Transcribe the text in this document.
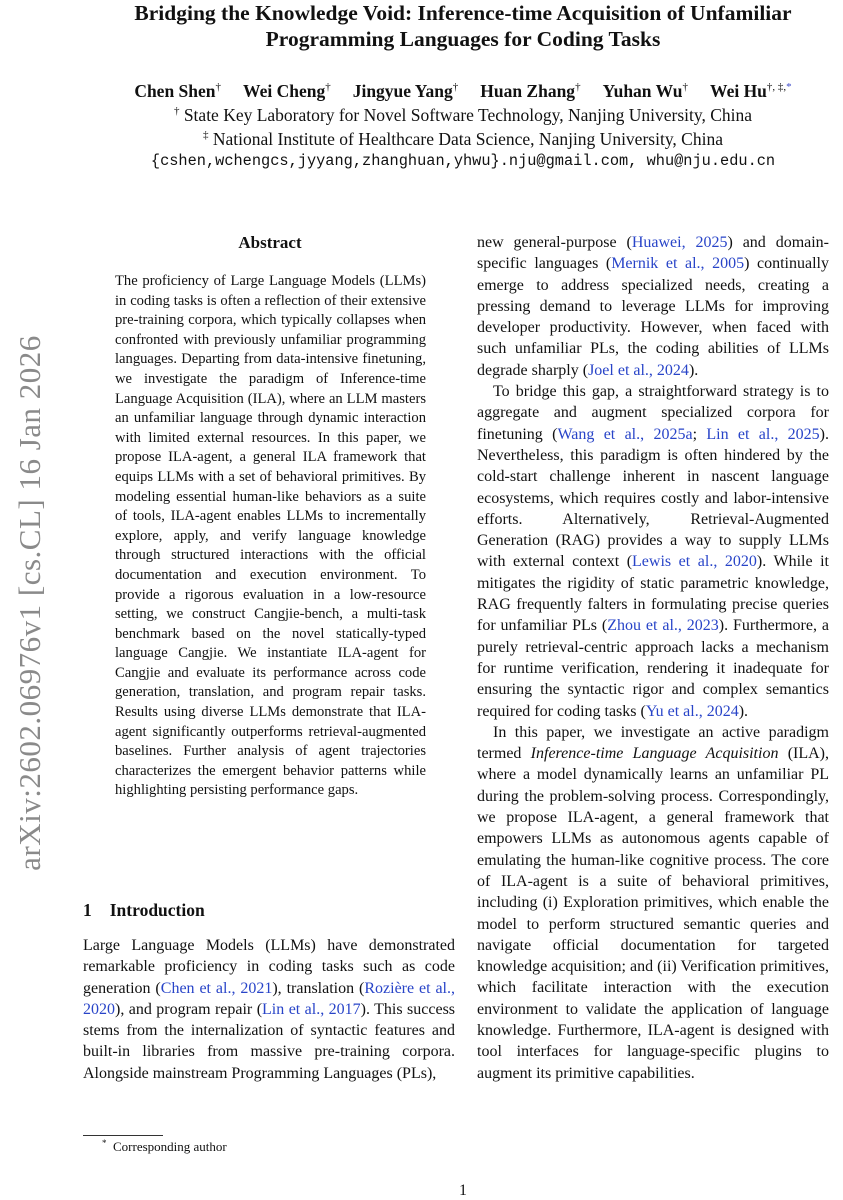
arXiv:2602.06976v1 [cs.CL] 16 Jan 2026
Bridging the Knowledge Void: Inference-time Acquisition of Unfamiliar Programming Languages for Coding Tasks
Chen Shen† Wei Cheng† Jingyue Yang† Huan Zhang† Yuhan Wu† Wei Hu†, ‡,*
† State Key Laboratory for Novel Software Technology, Nanjing University, China
‡ National Institute of Healthcare Data Science, Nanjing University, China
{cshen,wchengcs,jyyang,zhanghuan,yhwu}.nju@gmail.com, whu@nju.edu.cn
Abstract

The proficiency of Large Language Models (LLMs) in coding tasks is often a reflection of their extensive pre-training corpora, which typically collapses when confronted with previously unfamiliar programming languages. Departing from data-intensive finetuning, we investigate the paradigm of Inference-time Language Acquisition (ILA), where an LLM masters an unfamiliar language through dynamic interaction with limited external resources. In this paper, we propose ILA-agent, a general ILA framework that equips LLMs with a set of behavioral primitives. By modeling essential human-like behaviors as a suite of tools, ILA-agent enables LLMs to incrementally explore, apply, and verify language knowledge through structured interactions with the official documentation and execution environment. To provide a rigorous evaluation in a low-resource setting, we construct Cangjie-bench, a multi-task benchmark based on the novel statically-typed language Cangjie. We instantiate ILA-agent for Cangjie and evaluate its performance across code generation, translation, and program repair tasks. Results using diverse LLMs demonstrate that ILA-agent significantly outperforms retrieval-augmented baselines. Further analysis of agent trajectories characterizes the emergent behavior patterns while highlighting persisting performance gaps.

1 Introduction

Large Language Models (LLMs) have demonstrated remarkable proficiency in coding tasks such as code generation (Chen et al., 2021), translation (Rozière et al., 2020), and program repair (Lin et al., 2017). This success stems from the internalization of syntactic features and built-in libraries from massive pre-training corpora. Alongside mainstream Programming Languages (PLs),

new general-purpose (Huawei, 2025) and domain-specific languages (Mernik et al., 2005) continually emerge to address specialized needs, creating a pressing demand to leverage LLMs for improving developer productivity. However, when faced with such unfamiliar PLs, the coding abilities of LLMs degrade sharply (Joel et al., 2024).

To bridge this gap, a straightforward strategy is to aggregate and augment specialized corpora for finetuning (Wang et al., 2025a; Lin et al., 2025). Nevertheless, this paradigm is often hindered by the cold-start challenge inherent in nascent language ecosystems, which requires costly and labor-intensive efforts. Alternatively, Retrieval-Augmented Generation (RAG) provides a way to supply LLMs with external context (Lewis et al., 2020). While it mitigates the rigidity of static parametric knowledge, RAG frequently falters in formulating precise queries for unfamiliar PLs (Zhou et al., 2023). Furthermore, a purely retrieval-centric approach lacks a mechanism for runtime verification, rendering it inadequate for ensuring the syntactic rigor and complex semantics required for coding tasks (Yu et al., 2024).

In this paper, we investigate an active paradigm termed Inference-time Language Acquisition (ILA), where a model dynamically learns an unfamiliar PL during the problem-solving process. Correspondingly, we propose ILA-agent, a general framework that empowers LLMs as autonomous agents capable of emulating the human-like cognitive process. The core of ILA-agent is a suite of behavioral primitives, including (i) Exploration primitives, which enable the model to perform structured semantic queries and navigate official documentation for targeted knowledge acquisition; and (ii) Verification primitives, which facilitate interaction with the execution environment to validate the application of language knowledge. Furthermore, ILA-agent is designed with tool interfaces for language-specific plugins to augment its primitive capabilities.

* Corresponding author
1
